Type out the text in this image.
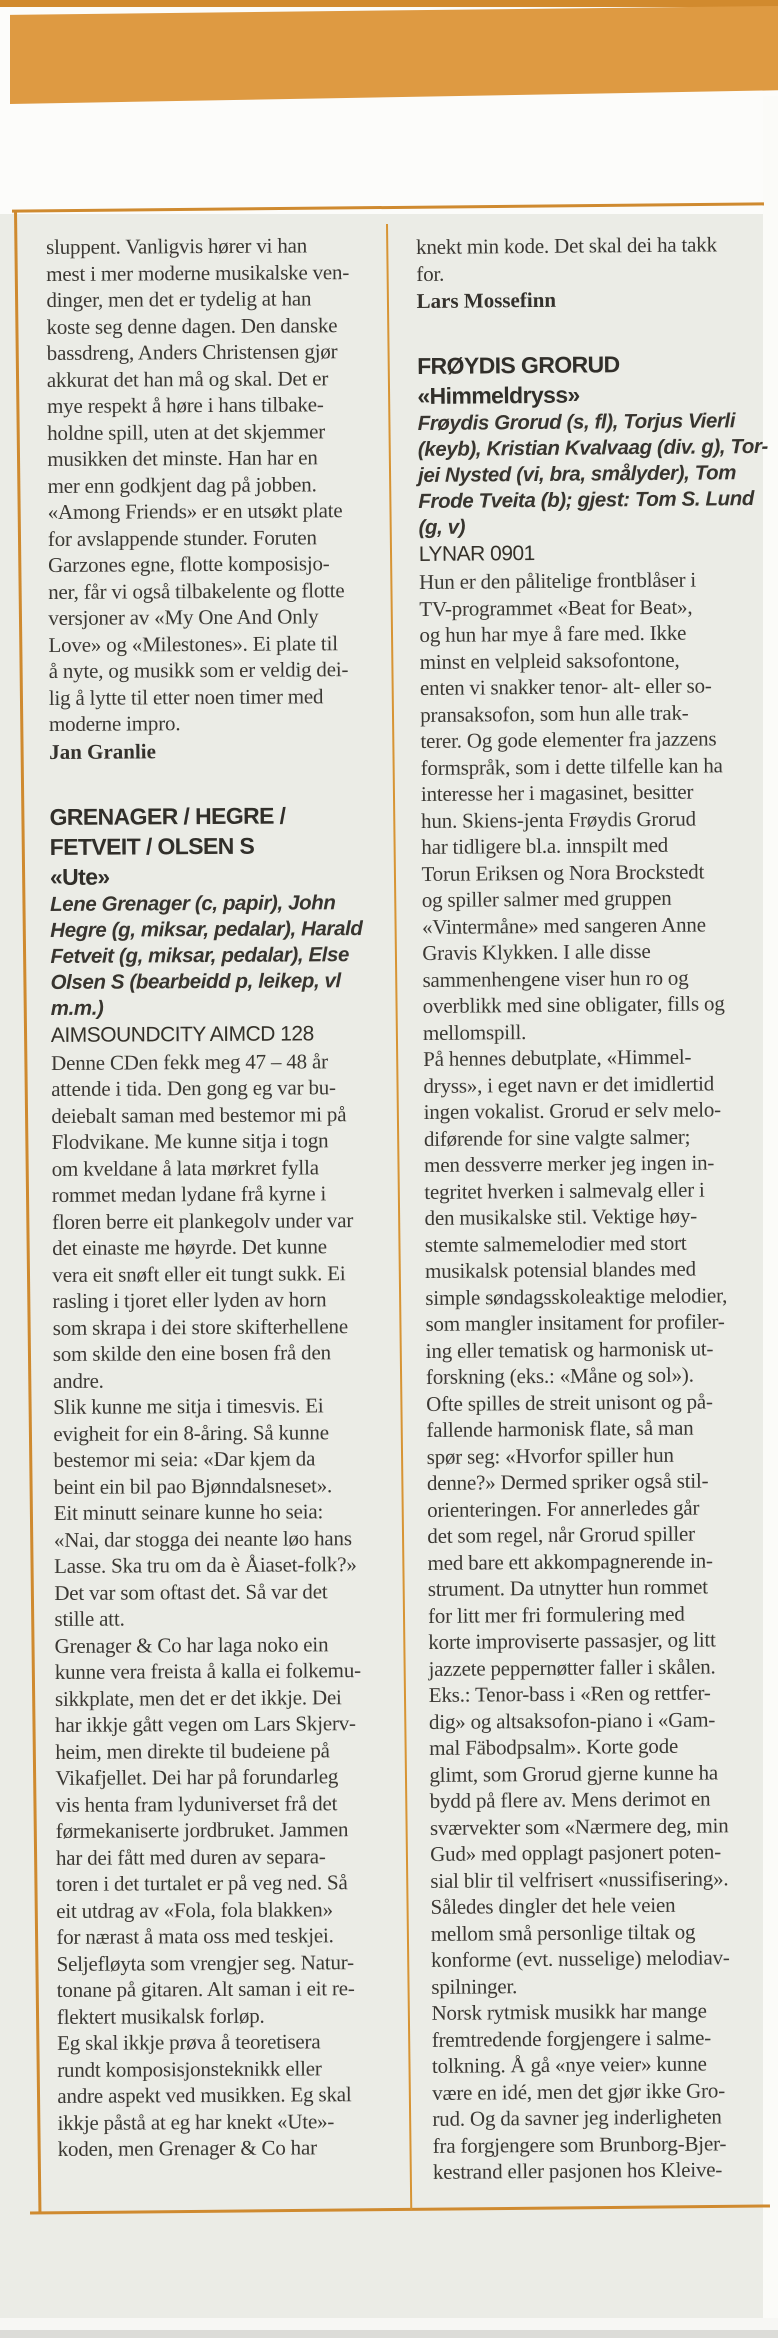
sluppent. Vanligvis hører vi han
mest i mer moderne musikalske ven-
dinger, men det er tydelig at han
koste seg denne dagen. Den danske
bassdreng, Anders Christensen gjør
akkurat det han må og skal. Det er
mye respekt å høre i hans tilbake-
holdne spill, uten at det skjemmer
musikken det minste. Han har en
mer enn godkjent dag på jobben.
«Among Friends» er en utsøkt plate
for avslappende stunder. Foruten
Garzones egne, flotte komposisjo-
ner, får vi også tilbakelente og flotte
versjoner av «My One And Only
Love» og «Milestones». Ei plate til
å nyte, og musikk som er veldig dei-
lig å lytte til etter noen timer med
moderne impro.
Jan Granlie
GRENAGER / HEGRE /
FETVEIT / OLSEN S
«Ute»
Lene Grenager (c, papir), John
Hegre (g, miksar, pedalar), Harald
Fetveit (g, miksar, pedalar), Else
Olsen S (bearbeidd p, leikep, vl
m.m.)
AIMSOUNDCITY AIMCD 128
Denne CDen fekk meg 47 – 48 år
attende i tida. Den gong eg var bu-
deiebalt saman med bestemor mi på
Flodvikane. Me kunne sitja i togn
om kveldane å lata mørkret fylla
rommet medan lydane frå kyrne i
floren berre eit plankegolv under var
det einaste me høyrde. Det kunne
vera eit snøft eller eit tungt sukk. Ei
rasling i tjoret eller lyden av horn
som skrapa i dei store skifterhellene
som skilde den eine bosen frå den
andre.
Slik kunne me sitja i timesvis. Ei
evigheit for ein 8-åring. Så kunne
bestemor mi seia: «Dar kjem da
beint ein bil pao Bjønndalsneset».
Eit minutt seinare kunne ho seia:
«Nai, dar stogga dei neante løo hans
Lasse. Ska tru om da è Åiaset-folk?»
Det var som oftast det. Så var det
stille att.
Grenager & Co har laga noko ein
kunne vera freista å kalla ei folkemu-
sikkplate, men det er det ikkje. Dei
har ikkje gått vegen om Lars Skjerv-
heim, men direkte til budeiene på
Vikafjellet. Dei har på forundarleg
vis henta fram lyduniverset frå det
førmekaniserte jordbruket. Jammen
har dei fått med duren av separa-
toren i det turtalet er på veg ned. Så
eit utdrag av «Fola, fola blakken»
for nærast å mata oss med teskjei.
Seljefløyta som vrengjer seg. Natur-
tonane på gitaren. Alt saman i eit re-
flektert musikalsk forløp.
Eg skal ikkje prøva å teoretisera
rundt komposisjonsteknikk eller
andre aspekt ved musikken. Eg skal
ikkje påstå at eg har knekt «Ute»-
koden, men Grenager & Co har
knekt min kode. Det skal dei ha takk
for.
Lars Mossefinn
FRØYDIS GRORUD
«Himmeldryss»
Frøydis Grorud (s, fl), Torjus Vierli
(keyb), Kristian Kvalvaag (div. g), Tor-
jei Nysted (vi, bra, smålyder), Tom
Frode Tveita (b); gjest: Tom S. Lund
(g, v)
LYNAR 0901
Hun er den pålitelige frontblåser i
TV-programmet «Beat for Beat»,
og hun har mye å fare med. Ikke
minst en velpleid saksofontone,
enten vi snakker tenor- alt- eller so-
pransaksofon, som hun alle trak-
terer. Og gode elementer fra jazzens
formspråk, som i dette tilfelle kan ha
interesse her i magasinet, besitter
hun. Skiens-jenta Frøydis Grorud
har tidligere bl.a. innspilt med
Torun Eriksen og Nora Brockstedt
og spiller salmer med gruppen
«Vintermåne» med sangeren Anne
Gravis Klykken. I alle disse
sammenhengene viser hun ro og
overblikk med sine obligater, fills og
mellomspill.
På hennes debutplate, «Himmel-
dryss», i eget navn er det imidlertid
ingen vokalist. Grorud er selv melo-
diførende for sine valgte salmer;
men dessverre merker jeg ingen in-
tegritet hverken i salmevalg eller i
den musikalske stil. Vektige høy-
stemte salmemelodier med stort
musikalsk potensial blandes med
simple søndagsskoleaktige melodier,
som mangler insitament for profiler-
ing eller tematisk og harmonisk ut-
forskning (eks.: «Måne og sol»).
Ofte spilles de streit unisont og på-
fallende harmonisk flate, så man
spør seg: «Hvorfor spiller hun
denne?» Dermed spriker også stil-
orienteringen. For annerledes går
det som regel, når Grorud spiller
med bare ett akkompagnerende in-
strument. Da utnytter hun rommet
for litt mer fri formulering med
korte improviserte passasjer, og litt
jazzete peppernøtter faller i skålen.
Eks.: Tenor-bass i «Ren og rettfer-
dig» og altsaksofon-piano i «Gam-
mal Fäbodpsalm». Korte gode
glimt, som Grorud gjerne kunne ha
bydd på flere av. Mens derimot en
sværvekter som «Nærmere deg, min
Gud» med opplagt pasjonert poten-
sial blir til velfrisert «nussifisering».
Således dingler det hele veien
mellom små personlige tiltak og
konforme (evt. nusselige) melodiav-
spilninger.
Norsk rytmisk musikk har mange
fremtredende forgjengere i salme-
tolkning. Å gå «nye veier» kunne
være en idé, men det gjør ikke Gro-
rud. Og da savner jeg inderligheten
fra forgjengere som Brunborg-Bjer-
kestrand eller pasjonen hos Kleive-
